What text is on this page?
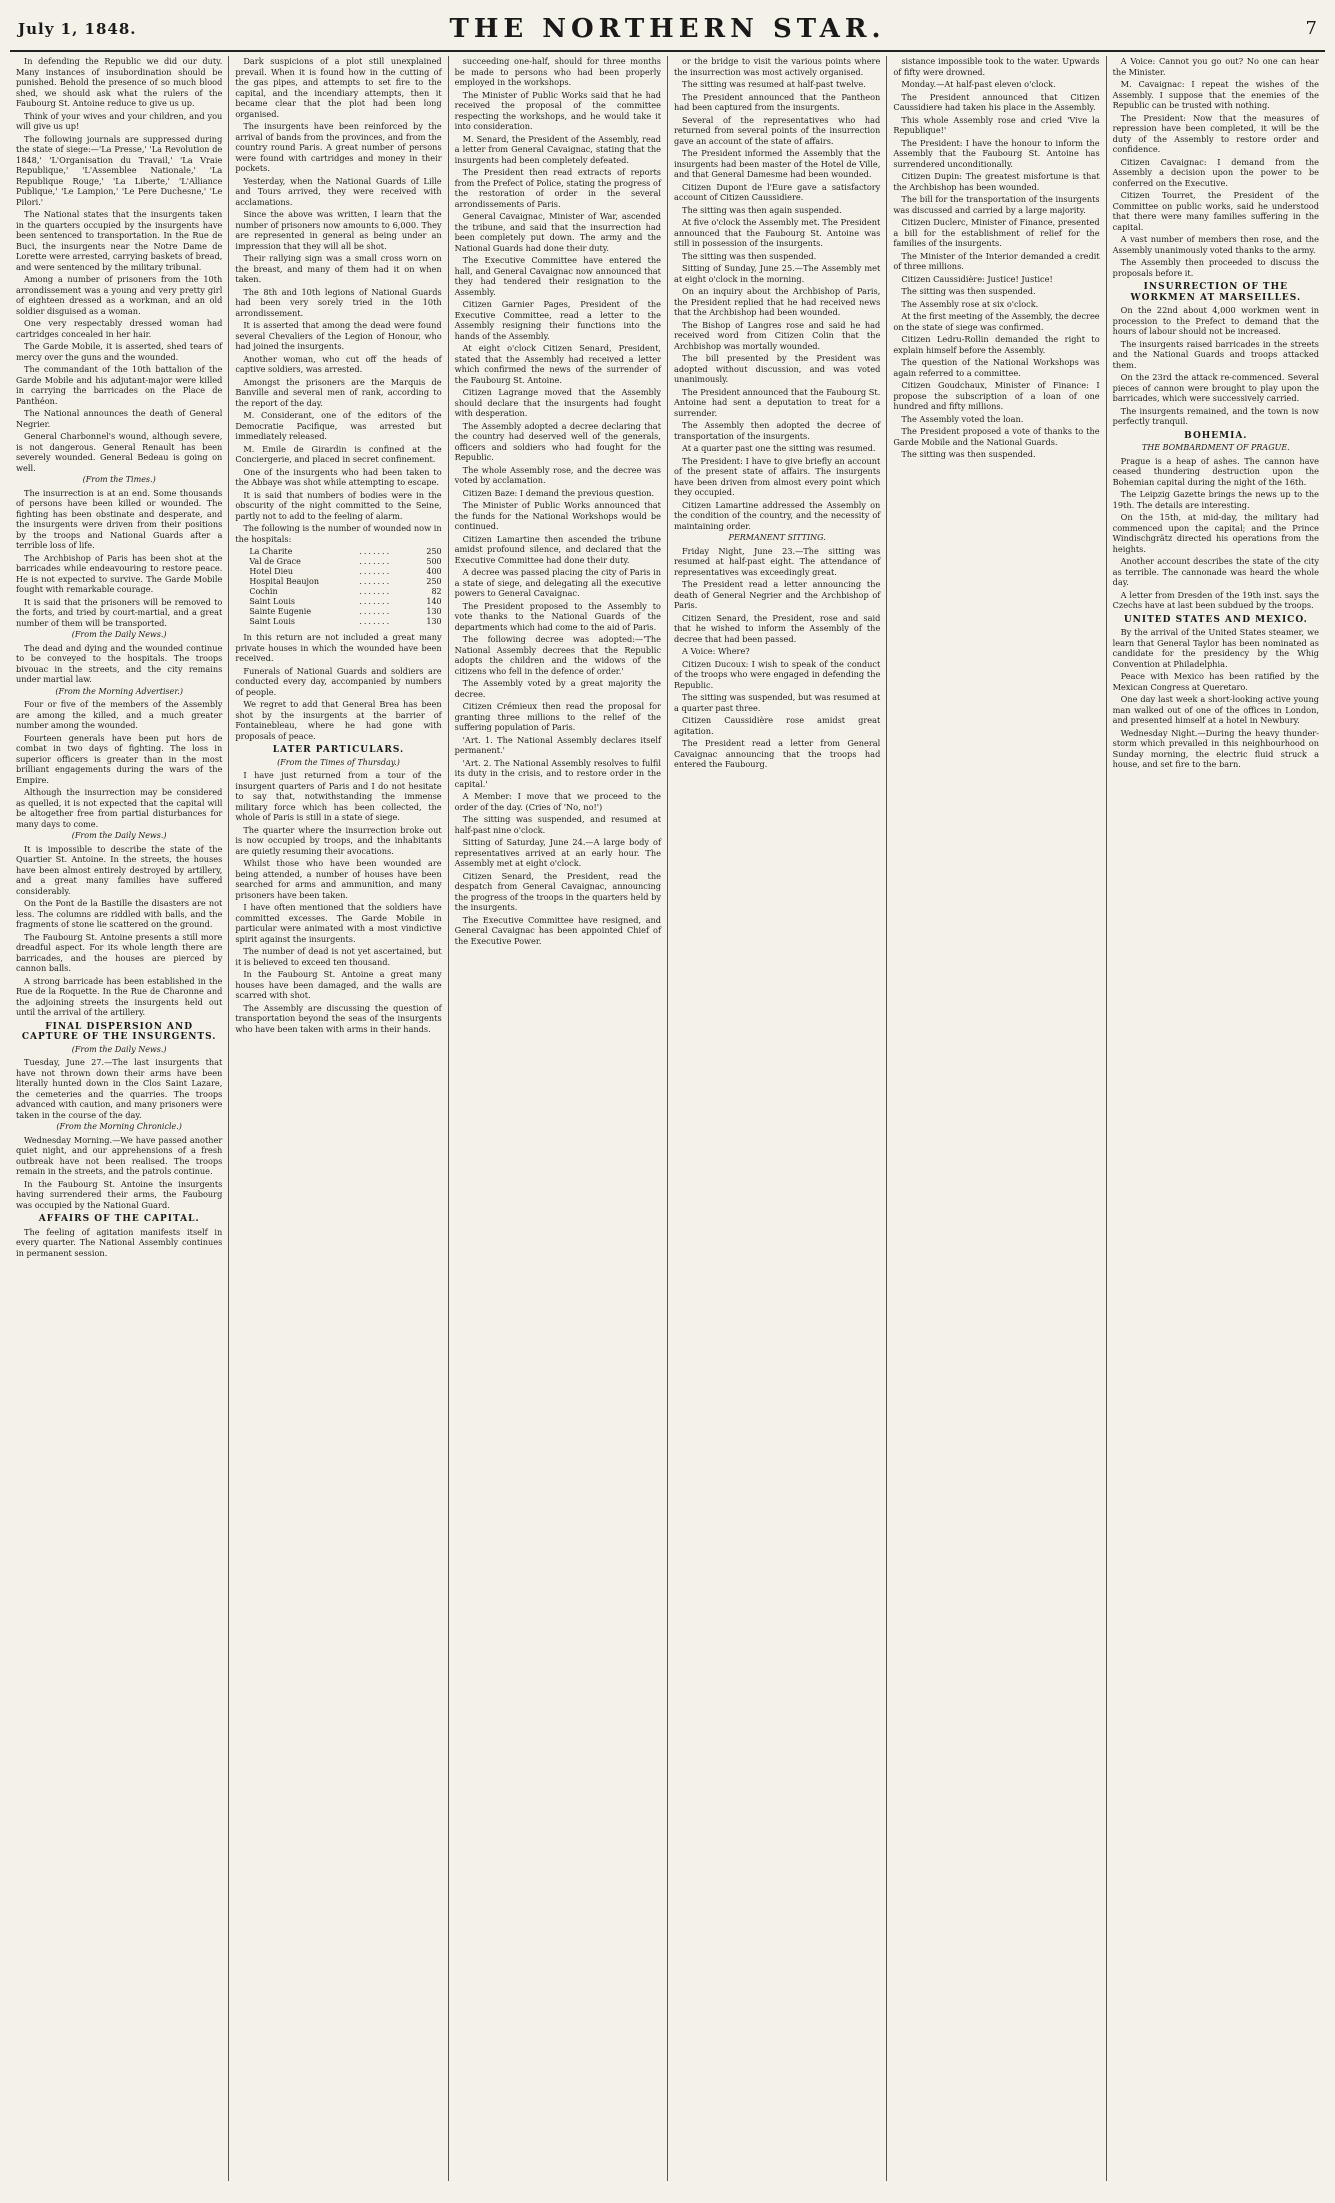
July 1, 1848.	THE NORTHERN STAR.	7

In defending the Republic we did our duty. Many instances of insubordination should be punished. Behold the presence of so much blood shed, we should ask what the rulers of the Faubourg St. Antoine reduce to give us up.

Think of your wives and your children, and you will give us up!

The following journals are suppressed during the state of siege:—'La Presse,' 'La Revolution de 1848,' 'L'Organisation du Travail,' 'La Vraie Republique,' 'L'Assemblee Nationale,' 'La Republique Rouge,' 'La Liberte,' 'L'Alliance Publique,' 'Le Lampion,' 'Le Pere Duchesne,' 'Le Pilori.'

The National states that the insurgents taken in the quarters occupied by the insurgents have been sentenced to transportation. In the Rue de Buci, the insurgents near the Notre Dame de Lorette were arrested, carrying baskets of bread, and were sentenced by the military tribunal.

Among a number of prisoners from the 10th arrondissement was a young and very pretty girl of eighteen dressed as a workman, and an old soldier disguised as a woman.

One very respectably dressed woman had cartridges concealed in her hair.

The Garde Mobile, it is asserted, shed tears of mercy over the guns and the wounded.

The commandant of the 10th battalion of the Garde Mobile and his adjutant-major were killed in carrying the barricades on the Place de Panthéon.

The National announces the death of General Negrier.

General Charbonnel's wound, although severe, is not dangerous. General Renault has been severely wounded. General Bedeau is going on well.

(From the Times.)

The insurrection is at an end. Some thousands of persons have been killed or wounded. The fighting has been obstinate and desperate, and the insurgents were driven from their positions by the troops and National Guards after a terrible loss of life.

The Archbishop of Paris has been shot at the barricades while endeavouring to restore peace. He is not expected to survive. The Garde Mobile fought with remarkable courage.

It is said that the prisoners will be removed to the forts, and tried by court-martial, and a great number of them will be transported.

(From the Daily News.)

The dead and dying and the wounded continue to be conveyed to the hospitals. The troops bivouac in the streets, and the city remains under martial law.

(From the Morning Advertiser.)

Four or five of the members of the Assembly are among the killed, and a much greater number among the wounded.

Fourteen generals have been put hors de combat in two days of fighting. The loss in superior officers is greater than in the most brilliant engagements during the wars of the Empire.

Although the insurrection may be considered as quelled, it is not expected that the capital will be altogether free from partial disturbances for many days to come.

(From the Daily News.)

It is impossible to describe the state of the Quartier St. Antoine. In the streets, the houses have been almost entirely destroyed by artillery, and a great many families have suffered considerably.

On the Pont de la Bastille the disasters are not less. The columns are riddled with balls, and the fragments of stone lie scattered on the ground.

The Faubourg St. Antoine presents a still more dreadful aspect. For its whole length there are barricades, and the houses are pierced by cannon balls.

A strong barricade has been established in the Rue de la Roquette. In the Rue de Charonne and the adjoining streets the insurgents held out until the arrival of the artillery.

FINAL DISPERSION AND CAPTURE OF THE INSURGENTS.
(From the Daily News.)

Tuesday, June 27.—The last insurgents that have not thrown down their arms have been literally hunted down in the Clos Saint Lazare, the cemeteries and the quarries. The troops advanced with caution, and many prisoners were taken in the course of the day.

(From the Morning Chronicle.)

Wednesday Morning.—We have passed another quiet night, and our apprehensions of a fresh outbreak have not been realised. The troops remain in the streets, and the patrols continue.

In the Faubourg St. Antoine the insurgents having surrendered their arms, the Faubourg was occupied by the National Guard.

AFFAIRS OF THE CAPITAL.

The feeling of agitation manifests itself in every quarter. The National Assembly continues in permanent session.

Dark suspicions of a plot still unexplained prevail. When it is found how in the cutting of the gas pipes, and attempts to set fire to the capital, and the incendiary attempts, then it became clear that the plot had been long organised.

The insurgents have been reinforced by the arrival of bands from the provinces, and from the country round Paris. A great number of persons were found with cartridges and money in their pockets.

Yesterday, when the National Guards of Lille and Tours arrived, they were received with acclamations.

Since the above was written, I learn that the number of prisoners now amounts to 6,000. They are represented in general as being under an impression that they will all be shot.

Their rallying sign was a small cross worn on the breast, and many of them had it on when taken.

The 8th and 10th legions of National Guards had been very sorely tried in the 10th arrondissement.

It is asserted that among the dead were found several Chevaliers of the Legion of Honour, who had joined the insurgents.

Another woman, who cut off the heads of captive soldiers, was arrested.

Amongst the prisoners are the Marquis de Banville and several men of rank, according to the report of the day.

M. Considerant, one of the editors of the Democratie Pacifique, was arrested but immediately released.

M. Emile de Girardin is confined at the Conciergerie, and placed in secret confinement.

One of the insurgents who had been taken to the Abbaye was shot while attempting to escape.

It is said that numbers of bodies were in the obscurity of the night committed to the Seine, partly not to add to the feeling of alarm.

The following is the number of wounded now in the hospitals:

La Charite	.......	250
Val de Grace	.......	500
Hotel Dieu	.......	400
Hospital Beaujon	.......	250
Cochin	.......	82
Saint Louis	.......	140
Sainte Eugenie	.......	130
Saint Louis	.......	130

In this return are not included a great many private houses in which the wounded have been received.

Funerals of National Guards and soldiers are conducted every day, accompanied by numbers of people.

We regret to add that General Brea has been shot by the insurgents at the barrier of Fontainebleau, where he had gone with proposals of peace.

LATER PARTICULARS.
(From the Times of Thursday.)

I have just returned from a tour of the insurgent quarters of Paris and I do not hesitate to say that, notwithstanding the immense military force which has been collected, the whole of Paris is still in a state of siege.

The quarter where the insurrection broke out is now occupied by troops, and the inhabitants are quietly resuming their avocations.

Whilst those who have been wounded are being attended, a number of houses have been searched for arms and ammunition, and many prisoners have been taken.

I have often mentioned that the soldiers have committed excesses. The Garde Mobile in particular were animated with a most vindictive spirit against the insurgents.

The number of dead is not yet ascertained, but it is believed to exceed ten thousand.

In the Faubourg St. Antoine a great many houses have been damaged, and the walls are scarred with shot.

The Assembly are discussing the question of transportation beyond the seas of the insurgents who have been taken with arms in their hands.

succeeding one-half, should for three months be made to persons who had been properly employed in the workshops.

The Minister of Public Works said that he had received the proposal of the committee respecting the workshops, and he would take it into consideration.

M. Senard, the President of the Assembly, read a letter from General Cavaignac, stating that the insurgents had been completely defeated.

The President then read extracts of reports from the Prefect of Police, stating the progress of the restoration of order in the several arrondissements of Paris.

General Cavaignac, Minister of War, ascended the tribune, and said that the insurrection had been completely put down. The army and the National Guards had done their duty.

The Executive Committee have entered the hall, and General Cavaignac now announced that they had tendered their resignation to the Assembly.

Citizen Garnier Pages, President of the Executive Committee, read a letter to the Assembly resigning their functions into the hands of the Assembly.

At eight o'clock Citizen Senard, President, stated that the Assembly had received a letter which confirmed the news of the surrender of the Faubourg St. Antoine.

Citizen Lagrange moved that the Assembly should declare that the insurgents had fought with desperation.

The Assembly adopted a decree declaring that the country had deserved well of the generals, officers and soldiers who had fought for the Republic.

The whole Assembly rose, and the decree was voted by acclamation.

Citizen Baze: I demand the previous question.

The Minister of Public Works announced that the funds for the National Workshops would be continued.

Citizen Lamartine then ascended the tribune amidst profound silence, and declared that the Executive Committee had done their duty.

A decree was passed placing the city of Paris in a state of siege, and delegating all the executive powers to General Cavaignac.

The President proposed to the Assembly to vote thanks to the National Guards of the departments which had come to the aid of Paris.

The following decree was adopted:—'The National Assembly decrees that the Republic adopts the children and the widows of the citizens who fell in the defence of order.'

The Assembly voted by a great majority the decree.

Citizen Crémieux then read the proposal for granting three millions to the relief of the suffering population of Paris.

'Art. 1. The National Assembly declares itself permanent.'

'Art. 2. The National Assembly resolves to fulfil its duty in the crisis, and to restore order in the capital.'

A Member: I move that we proceed to the order of the day. (Cries of 'No, no!')

The sitting was suspended, and resumed at half-past nine o'clock.

Sitting of Saturday, June 24.—A large body of representatives arrived at an early hour. The Assembly met at eight o'clock.

Citizen Senard, the President, read the despatch from General Cavaignac, announcing the progress of the troops in the quarters held by the insurgents.

The Executive Committee have resigned, and General Cavaignac has been appointed Chief of the Executive Power.

or the bridge to visit the various points where the insurrection was most actively organised.

The sitting was resumed at half-past twelve.

The President announced that the Pantheon had been captured from the insurgents.

Several of the representatives who had returned from several points of the insurrection gave an account of the state of affairs.

The President informed the Assembly that the insurgents had been master of the Hotel de Ville, and that General Damesme had been wounded.

Citizen Dupont de l'Eure gave a satisfactory account of Citizen Caussidiere.

The sitting was then again suspended.

At five o'clock the Assembly met. The President announced that the Faubourg St. Antoine was still in possession of the insurgents.

The sitting was then suspended.

Sitting of Sunday, June 25.—The Assembly met at eight o'clock in the morning.

On an inquiry about the Archbishop of Paris, the President replied that he had received news that the Archbishop had been wounded.

The Bishop of Langres rose and said he had received word from Citizen Colin that the Archbishop was mortally wounded.

The bill presented by the President was adopted without discussion, and was voted unanimously.

The President announced that the Faubourg St. Antoine had sent a deputation to treat for a surrender.

The Assembly then adopted the decree of transportation of the insurgents.

At a quarter past one the sitting was resumed.

The President: I have to give briefly an account of the present state of affairs. The insurgents have been driven from almost every point which they occupied.

Citizen Lamartine addressed the Assembly on the condition of the country, and the necessity of maintaining order.

PERMANENT SITTING.

Friday Night, June 23.—The sitting was resumed at half-past eight. The attendance of representatives was exceedingly great.

The President read a letter announcing the death of General Negrier and the Archbishop of Paris.

Citizen Senard, the President, rose and said that he wished to inform the Assembly of the decree that had been passed.

A Voice: Where?

Citizen Ducoux: I wish to speak of the conduct of the troops who were engaged in defending the Republic.

The sitting was suspended, but was resumed at a quarter past three.

Citizen Caussidière rose amidst great agitation.

The President read a letter from General Cavaignac announcing that the troops had entered the Faubourg.

sistance impossible took to the water. Upwards of fifty were drowned.

Monday.—At half-past eleven o'clock.

The President announced that Citizen Caussidiere had taken his place in the Assembly.

This whole Assembly rose and cried 'Vive la Republique!'

The President: I have the honour to inform the Assembly that the Faubourg St. Antoine has surrendered unconditionally.

Citizen Dupin: The greatest misfortune is that the Archbishop has been wounded.

The bill for the transportation of the insurgents was discussed and carried by a large majority.

Citizen Duclerc, Minister of Finance, presented a bill for the establishment of relief for the families of the insurgents.

The Minister of the Interior demanded a credit of three millions.

Citizen Caussidière: Justice! Justice!

The sitting was then suspended.

The Assembly rose at six o'clock.

At the first meeting of the Assembly, the decree on the state of siege was confirmed.

Citizen Ledru-Rollin demanded the right to explain himself before the Assembly.

The question of the National Workshops was again referred to a committee.

Citizen Goudchaux, Minister of Finance: I propose the subscription of a loan of one hundred and fifty millions.

The Assembly voted the loan.

The President proposed a vote of thanks to the Garde Mobile and the National Guards.

The sitting was then suspended.

A Voice: Cannot you go out? No one can hear the Minister.

M. Cavaignac: I repeat the wishes of the Assembly. I suppose that the enemies of the Republic can be trusted with nothing.

The President: Now that the measures of repression have been completed, it will be the duty of the Assembly to restore order and confidence.

Citizen Cavaignac: I demand from the Assembly a decision upon the power to be conferred on the Executive.

Citizen Tourret, the President of the Committee on public works, said he understood that there were many families suffering in the capital.

A vast number of members then rose, and the Assembly unanimously voted thanks to the army.

The Assembly then proceeded to discuss the proposals before it.

INSURRECTION OF THE WORKMEN AT MARSEILLES.

On the 22nd about 4,000 workmen went in procession to the Prefect to demand that the hours of labour should not be increased.

The insurgents raised barricades in the streets and the National Guards and troops attacked them.

On the 23rd the attack re-commenced. Several pieces of cannon were brought to play upon the barricades, which were successively carried.

The insurgents remained, and the town is now perfectly tranquil.

BOHEMIA.
THE BOMBARDMENT OF PRAGUE.

Prague is a heap of ashes. The cannon have ceased thundering destruction upon the Bohemian capital during the night of the 16th.

The Leipzig Gazette brings the news up to the 19th. The details are interesting.

On the 15th, at mid-day, the military had commenced upon the capital; and the Prince Windischgrätz directed his operations from the heights.

Another account describes the state of the city as terrible. The cannonade was heard the whole day.

A letter from Dresden of the 19th inst. says the Czechs have at last been subdued by the troops.

UNITED STATES AND MEXICO.

By the arrival of the United States steamer, we learn that General Taylor has been nominated as candidate for the presidency by the Whig Convention at Philadelphia.

Peace with Mexico has been ratified by the Mexican Congress at Queretaro.

One day last week a short-looking active young man walked out of one of the offices in London, and presented himself at a hotel in Newbury.

Wednesday Night.—During the heavy thunder-storm which prevailed in this neighbourhood on Sunday morning, the electric fluid struck a house, and set fire to the barn.
